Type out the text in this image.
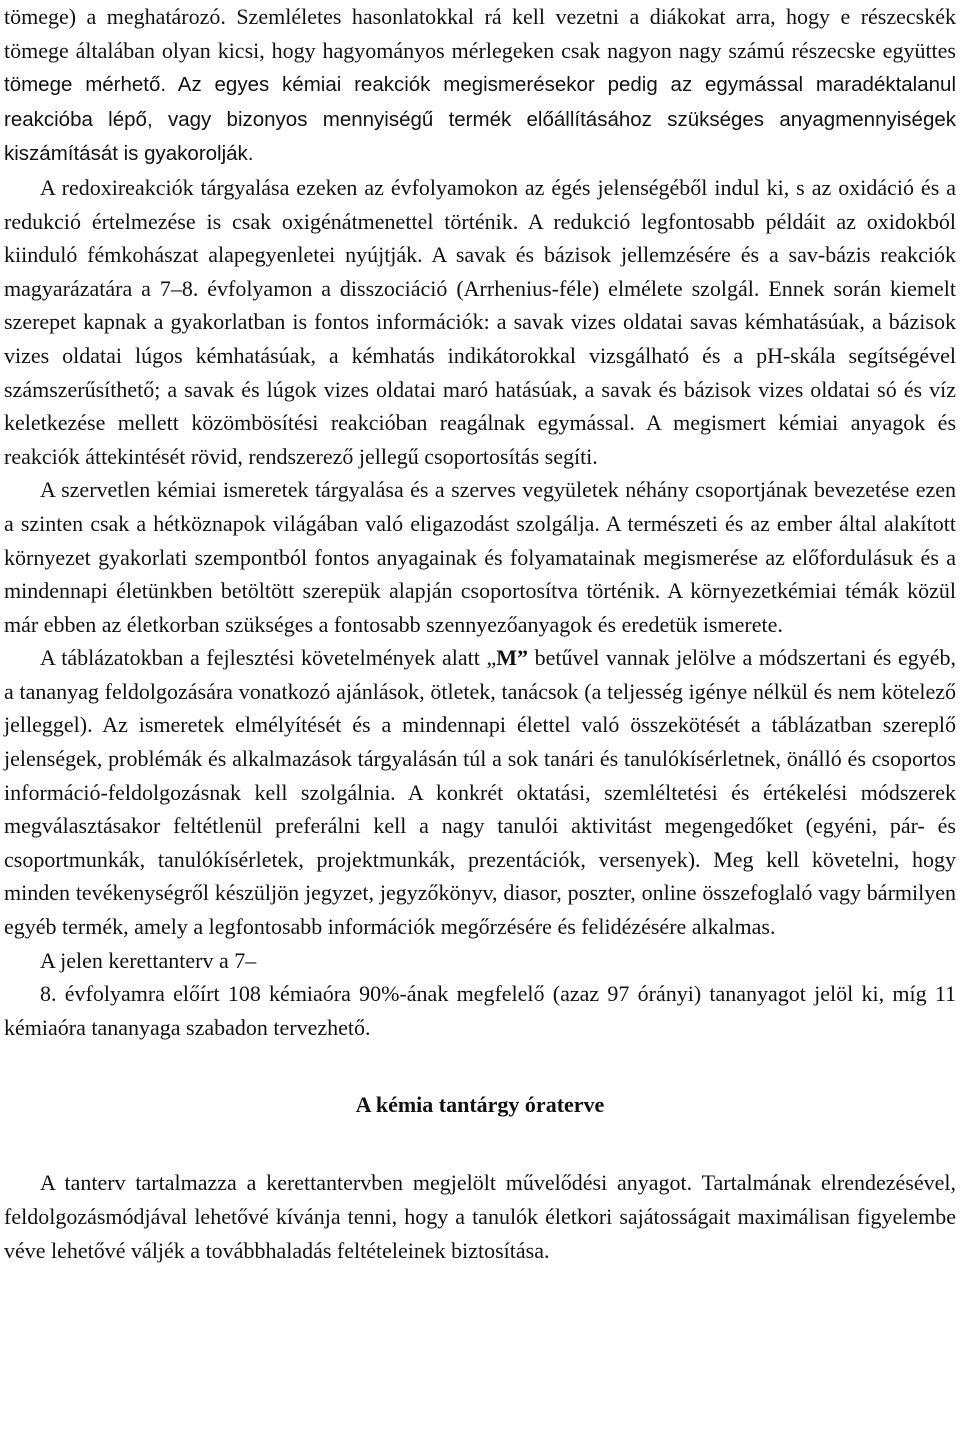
tömege) a meghatározó. Szemléletes hasonlatokkal rá kell vezetni a diákokat arra, hogy e részecskék tömege általában olyan kicsi, hogy hagyományos mérlegeken csak nagyon nagy számú részecske együttes tömege mérhető. Az egyes kémiai reakciók megismerésekor pedig az egymással maradéktalanul reakcióba lépő, vagy bizonyos mennyiségű termék előállításához szükséges anyagmennyiségek kiszámítását is gyakorolják.

A redoxireakciók tárgyalása ezeken az évfolyamokon az égés jelenségéből indul ki, s az oxidáció és a redukció értelmezése is csak oxigénátmenettel történik. A redukció legfontosabb példáit az oxidokból kiinduló fémkohászat alapegyenletei nyújtják. A savak és bázisok jellemzésére és a sav-bázis reakciók magyarázatára a 7–8. évfolyamon a disszociáció (Arrhenius-féle) elmélete szolgál. Ennek során kiemelt szerepet kapnak a gyakorlatban is fontos információk: a savak vizes oldatai savas kémhatásúak, a bázisok vizes oldatai lúgos kémhatásúak, a kémhatás indikátorokkal vizsgálható és a pH-skála segítségével számszerűsíthető; a savak és lúgok vizes oldatai maró hatásúak, a savak és bázisok vizes oldatai só és víz keletkezése mellett közömbösítési reakcióban reagálnak egymással. A megismert kémiai anyagok és reakciók áttekintését rövid, rendszerező jellegű csoportosítás segíti.

A szervetlen kémiai ismeretek tárgyalása és a szerves vegyületek néhány csoportjának bevezetése ezen a szinten csak a hétköznapok világában való eligazodást szolgálja. A természeti és az ember által alakított környezet gyakorlati szempontból fontos anyagainak és folyamatainak megismerése az előfordulásuk és a mindennapi életünkben betöltött szerepük alapján csoportosítva történik. A környezetkémiai témák közül már ebben az életkorban szükséges a fontosabb szennyezőanyagok és eredetük ismerete.

A táblázatokban a fejlesztési követelmények alatt „M” betűvel vannak jelölve a módszertani és egyéb, a tananyag feldolgozására vonatkozó ajánlások, ötletek, tanácsok (a teljesség igénye nélkül és nem kötelező jelleggel). Az ismeretek elmélyítését és a mindennapi élettel való összekötését a táblázatban szereplő jelenségek, problémák és alkalmazások tárgyalásán túl a sok tanári és tanulókísérletnek, önálló és csoportos információ-feldolgozásnak kell szolgálnia. A konkrét oktatási, szemléltetési és értékelési módszerek megválasztásakor feltétlenül preferálni kell a nagy tanulói aktivitást megengedőket (egyéni, pár- és csoportmunkák, tanulókísérletek, projektmunkák, prezentációk, versenyek). Meg kell követelni, hogy minden tevékenységről készüljön jegyzet, jegyzőkönyv, diasor, poszter, online összefoglaló vagy bármilyen egyéb termék, amely a legfontosabb információk megőrzésére és felidézésére alkalmas.

A jelen kerettanterv a 7–

8. évfolyamra előírt 108 kémiaóra 90%-ának megfelelő (azaz 97 órányi) tananyagot jelöl ki, míg 11 kémiaóra tananyaga szabadon tervezhető.

A kémia tantárgy óraterve

A tanterv tartalmazza a kerettantervben megjelölt művelődési anyagot. Tartalmának elrendezésével, feldolgozásmódjával lehetővé kívánja tenni, hogy a tanulók életkori sajátosságait maximálisan figyelembe véve lehetővé váljék a továbbhaladás feltételeinek biztosítása.
